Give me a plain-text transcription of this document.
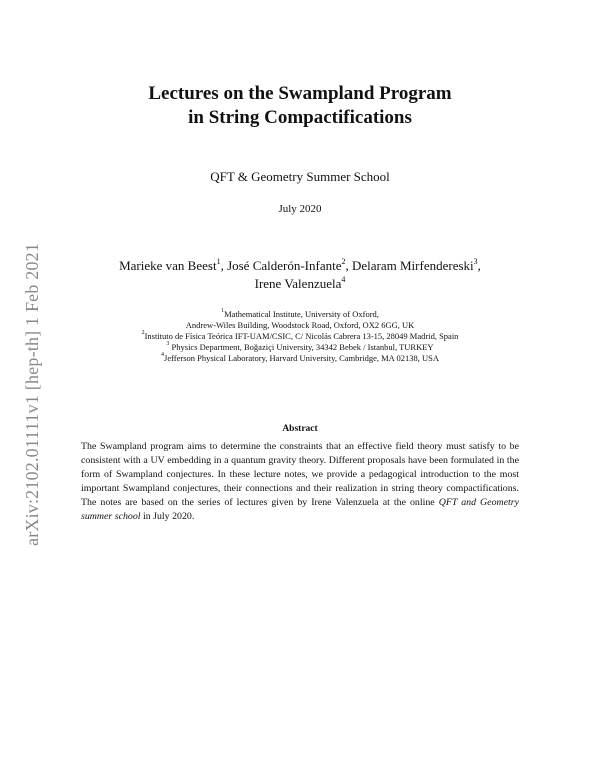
arXiv:2102.01111v1 [hep-th] 1 Feb 2021
Lectures on the Swampland Program
in String Compactifications
QFT & Geometry Summer School
July 2020
Marieke van Beest$^1$, José Calderón-Infante$^2$, Delaram Mirfendereski$^3$,
Irene Valenzuela$^4$
$^1$Mathematical Institute, University of Oxford,
Andrew-Wiles Building, Woodstock Road, Oxford, OX2 6GG, UK
$^2$Instituto de Física Teórica IFT-UAM/CSIC, C/ Nicolás Cabrera 13-15, 28049 Madrid, Spain
$^3$ Physics Department, Boğaziçi University, 34342 Bebek / Istanbul, TURKEY
$^4$Jefferson Physical Laboratory, Harvard University, Cambridge, MA 02138, USA
Abstract
The Swampland program aims to determine the constraints that an effective field theory must satisfy to be consistent with a UV embedding in a quantum gravity theory. Different proposals have been formulated in the form of Swampland conjectures. In these lecture notes, we provide a pedagogical introduction to the most important Swampland conjectures, their connections and their realization in string theory compactifications. The notes are based on the series of lectures given by Irene Valenzuela at the online QFT and Geometry summer school in July 2020.
